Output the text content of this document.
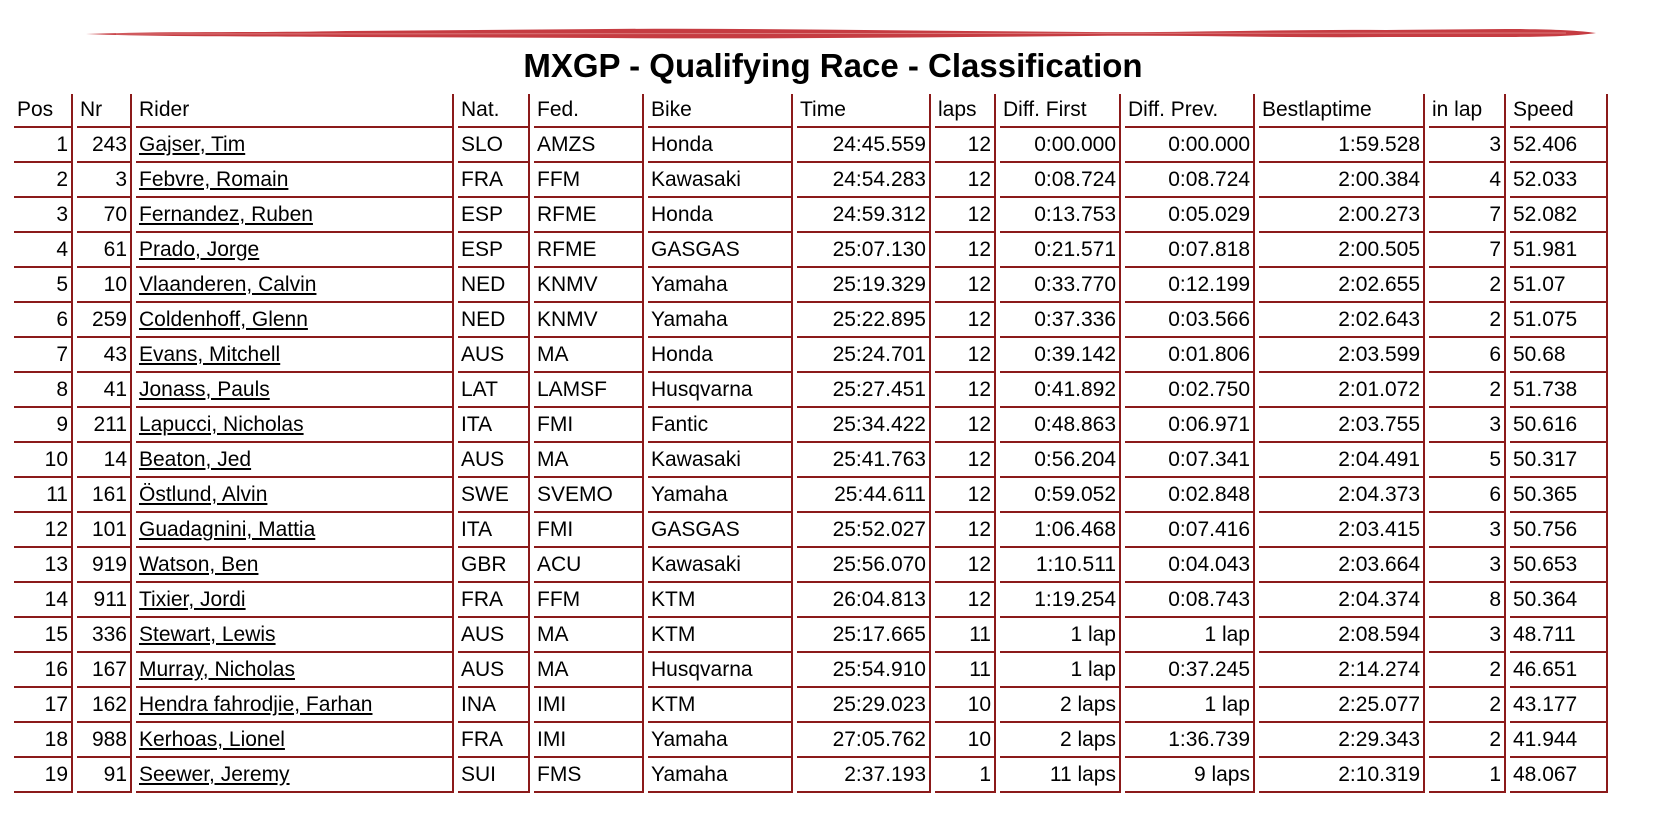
MXGP - Qualifying Race - Classification
Pos	Nr	Rider	Nat.	Fed.	Bike	Time	laps	Diff. First	Diff. Prev.	Bestlaptime	in lap	Speed
1	243	Gajser, Tim	SLO	AMZS	Honda	24:45.559	12	0:00.000	0:00.000	1:59.528	3	52.406
2	3	Febvre, Romain	FRA	FFM	Kawasaki	24:54.283	12	0:08.724	0:08.724	2:00.384	4	52.033
3	70	Fernandez, Ruben	ESP	RFME	Honda	24:59.312	12	0:13.753	0:05.029	2:00.273	7	52.082
4	61	Prado, Jorge	ESP	RFME	GASGAS	25:07.130	12	0:21.571	0:07.818	2:00.505	7	51.981
5	10	Vlaanderen, Calvin	NED	KNMV	Yamaha	25:19.329	12	0:33.770	0:12.199	2:02.655	2	51.07
6	259	Coldenhoff, Glenn	NED	KNMV	Yamaha	25:22.895	12	0:37.336	0:03.566	2:02.643	2	51.075
7	43	Evans, Mitchell	AUS	MA	Honda	25:24.701	12	0:39.142	0:01.806	2:03.599	6	50.68
8	41	Jonass, Pauls	LAT	LAMSF	Husqvarna	25:27.451	12	0:41.892	0:02.750	2:01.072	2	51.738
9	211	Lapucci, Nicholas	ITA	FMI	Fantic	25:34.422	12	0:48.863	0:06.971	2:03.755	3	50.616
10	14	Beaton, Jed	AUS	MA	Kawasaki	25:41.763	12	0:56.204	0:07.341	2:04.491	5	50.317
11	161	Östlund, Alvin	SWE	SVEMO	Yamaha	25:44.611	12	0:59.052	0:02.848	2:04.373	6	50.365
12	101	Guadagnini, Mattia	ITA	FMI	GASGAS	25:52.027	12	1:06.468	0:07.416	2:03.415	3	50.756
13	919	Watson, Ben	GBR	ACU	Kawasaki	25:56.070	12	1:10.511	0:04.043	2:03.664	3	50.653
14	911	Tixier, Jordi	FRA	FFM	KTM	26:04.813	12	1:19.254	0:08.743	2:04.374	8	50.364
15	336	Stewart, Lewis	AUS	MA	KTM	25:17.665	11	1 lap	1 lap	2:08.594	3	48.711
16	167	Murray, Nicholas	AUS	MA	Husqvarna	25:54.910	11	1 lap	0:37.245	2:14.274	2	46.651
17	162	Hendra fahrodjie, Farhan	INA	IMI	KTM	25:29.023	10	2 laps	1 lap	2:25.077	2	43.177
18	988	Kerhoas, Lionel	FRA	IMI	Yamaha	27:05.762	10	2 laps	1:36.739	2:29.343	2	41.944
19	91	Seewer, Jeremy	SUI	FMS	Yamaha	2:37.193	1	11 laps	9 laps	2:10.319	1	48.067
